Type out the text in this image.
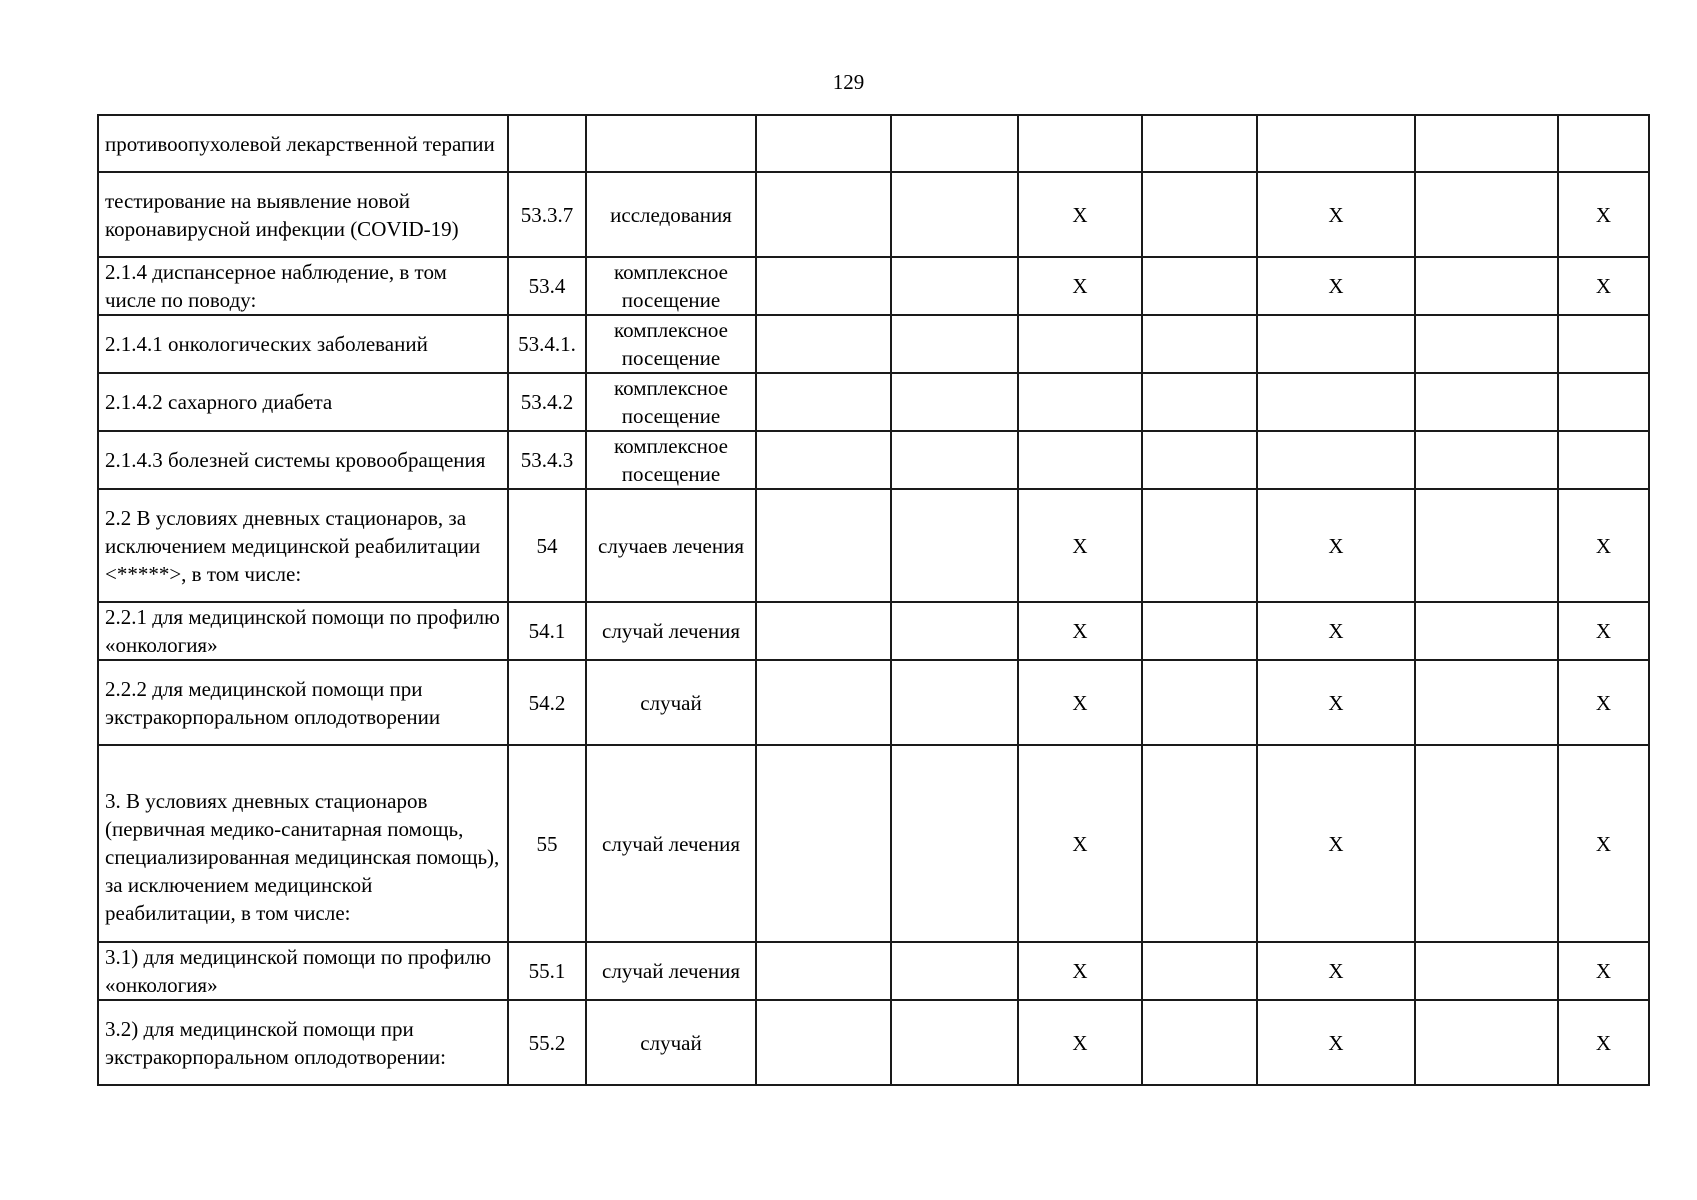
129
противоопухолевой лекарственной терапии									
тестирование на выявление новой коронавирусной инфекции (COVID-19)	53.3.7	исследования			X		X		X
2.1.4 диспансерное наблюдение, в том числе по поводу:	53.4	комплексное посещение			X		X		X
2.1.4.1 онкологических заболеваний	53.4.1.	комплексное посещение							
2.1.4.2 сахарного диабета	53.4.2	комплексное посещение							
2.1.4.3 болезней системы кровообращения	53.4.3	комплексное посещение							
2.2 В условиях дневных стационаров, за исключением медицинской реабилитации <*****>, в том числе:	54	случаев лечения			X		X		X
2.2.1 для медицинской помощи по профилю «онкология»	54.1	случай лечения			X		X		X
2.2.2 для медицинской помощи при экстракорпоральном оплодотворении	54.2	случай			X		X		X
3. В условиях дневных стационаров (первичная медико-санитарная помощь, специализированная медицинская помощь), за исключением медицинской реабилитации, в том числе:	55	случай лечения			X		X		X
3.1) для медицинской помощи по профилю «онкология»	55.1	случай лечения			X		X		X
3.2) для медицинской помощи при экстракорпоральном оплодотворении:	55.2	случай			X		X		X
